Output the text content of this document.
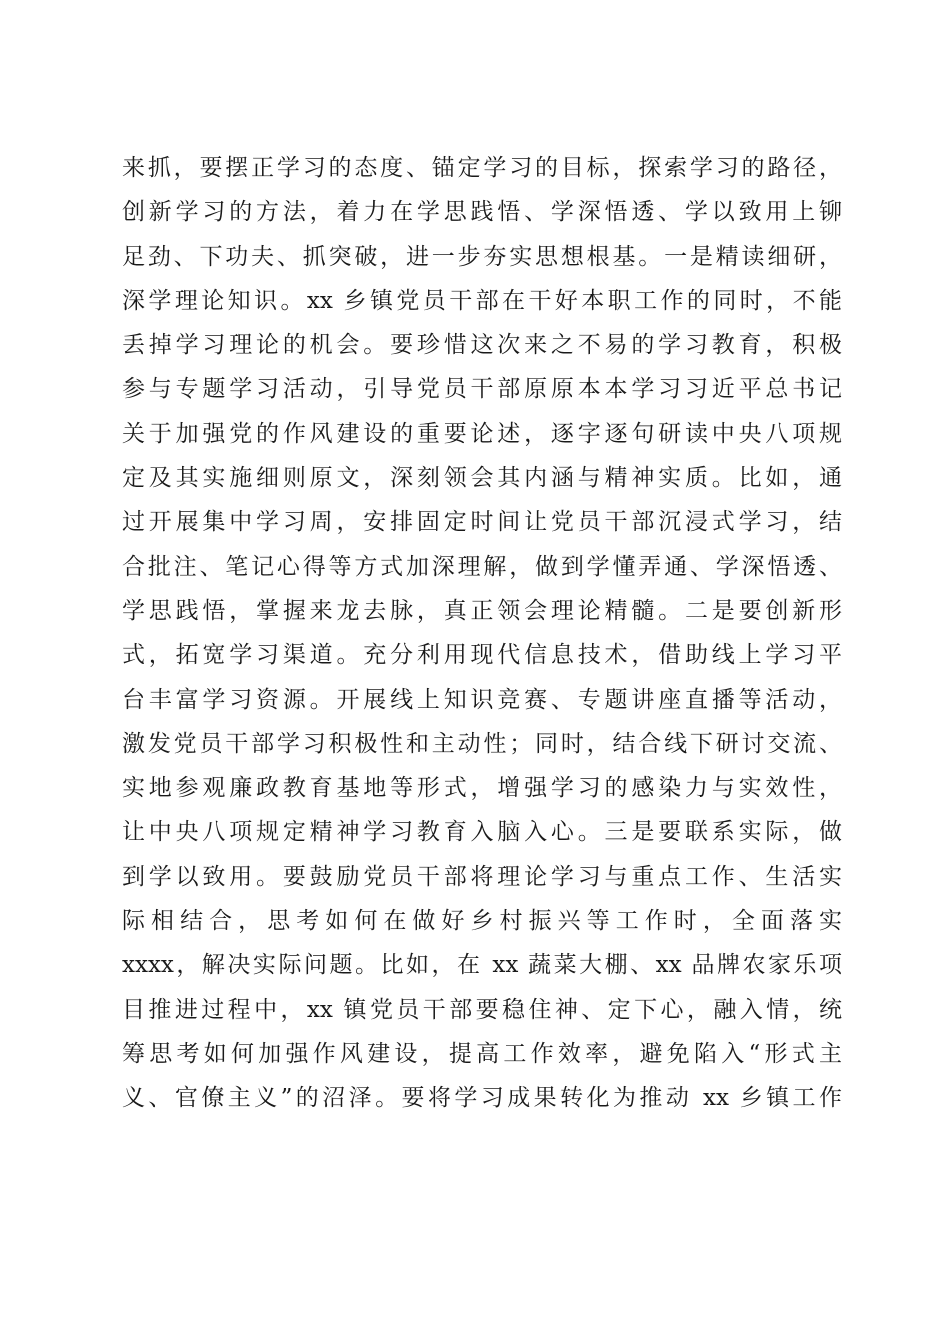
来抓，要摆正学习的态度、锚定学习的目标，探索学习的路径，
创新学习的方法，着力在学思践悟、学深悟透、学以致用上铆
足劲、下功夫、抓突破，进一步夯实思想根基。一是精读细研，
深学理论知识。xx 乡镇党员干部在干好本职工作的同时，不能
丢掉学习理论的机会。要珍惜这次来之不易的学习教育，积极
参与专题学习活动，引导党员干部原原本本学习习近平总书记
关于加强党的作风建设的重要论述，逐字逐句研读中央八项规
定及其实施细则原文，深刻领会其内涵与精神实质。比如，通
过开展集中学习周，安排固定时间让党员干部沉浸式学习，结
合批注、笔记心得等方式加深理解，做到学懂弄通、学深悟透、
学思践悟，掌握来龙去脉，真正领会理论精髓。二是要创新形
式，拓宽学习渠道。充分利用现代信息技术，借助线上学习平
台丰富学习资源。开展线上知识竞赛、专题讲座直播等活动，
激发党员干部学习积极性和主动性；同时，结合线下研讨交流、
实地参观廉政教育基地等形式，增强学习的感染力与实效性，
让中央八项规定精神学习教育入脑入心。三是要联系实际，做
到学以致用。要鼓励党员干部将理论学习与重点工作、生活实
际相结合，思考如何在做好乡村振兴等工作时，全面落实
xxxx，解决实际问题。比如，在 xx 蔬菜大棚、xx 品牌农家乐项
目推进过程中，xx 镇党员干部要稳住神、定下心，融入情，统
筹思考如何加强作风建设，提高工作效率，避免陷入“形式主
义、官僚主义”的沼泽。要将学习成果转化为推动 xx 乡镇工作
